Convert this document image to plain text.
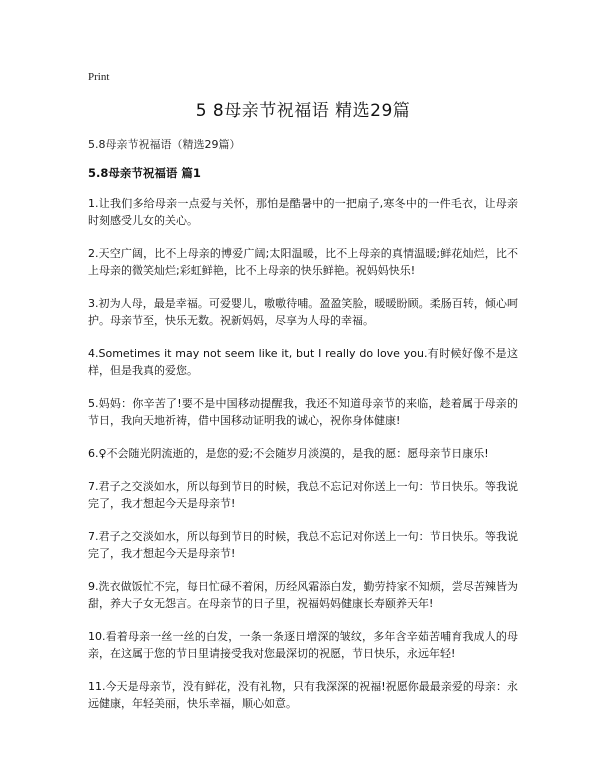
Print
5 8母亲节祝福语 精选29篇
5.8母亲节祝福语（精选29篇）
5.8母亲节祝福语 篇1

1.让我们多给母亲一点爱与关怀，那怕是酷暑中的一把扇子,寒冬中的一件毛衣，让母亲时刻感受儿女的关心。

2.天空广阔，比不上母亲的博爱广阔;太阳温暖，比不上母亲的真情温暖;鲜花灿烂，比不上母亲的微笑灿烂;彩虹鲜艳，比不上母亲的快乐鲜艳。祝妈妈快乐!

3.初为人母，最是幸福。可爱婴儿，嗷嗷待哺。盈盈笑脸，暖暖盼顾。柔肠百转，倾心呵护。母亲节至，快乐无数。祝新妈妈，尽享为人母的幸福。

4.Sometimes it may not seem like it, but I really do love you.有时候好像不是这样，但是我真的爱您。

5.妈妈：你辛苦了!要不是中国移动提醒我，我还不知道母亲节的来临，趁着属于母亲的节日，我向天地祈祷，借中国移动证明我的诚心，祝你身体健康!

6.♀不会随光阴流逝的，是您的爱;不会随岁月淡漠的，是我的愿：愿母亲节日康乐!

7.君子之交淡如水，所以每到节日的时候，我总不忘记对你送上一句：节日快乐。等我说完了，我才想起今天是母亲节!

7.君子之交淡如水，所以每到节日的时候，我总不忘记对你送上一句：节日快乐。等我说完了，我才想起今天是母亲节!

9.洗衣做饭忙不完，每日忙碌不着闲，历经风霜添白发，勤劳持家不知烦，尝尽苦辣皆为甜，养大子女无怨言。在母亲节的日子里，祝福妈妈健康长寿颐养天年!

10.看着母亲一丝一丝的白发，一条一条逐日增深的皱纹，多年含辛茹苦哺育我成人的母亲，在这属于您的节日里请接受我对您最深切的祝愿，节日快乐，永远年轻!

11.今天是母亲节，没有鲜花，没有礼物，只有我深深的祝福!祝愿你最最亲爱的母亲：永远健康，年轻美丽，快乐幸福，顺心如意。
